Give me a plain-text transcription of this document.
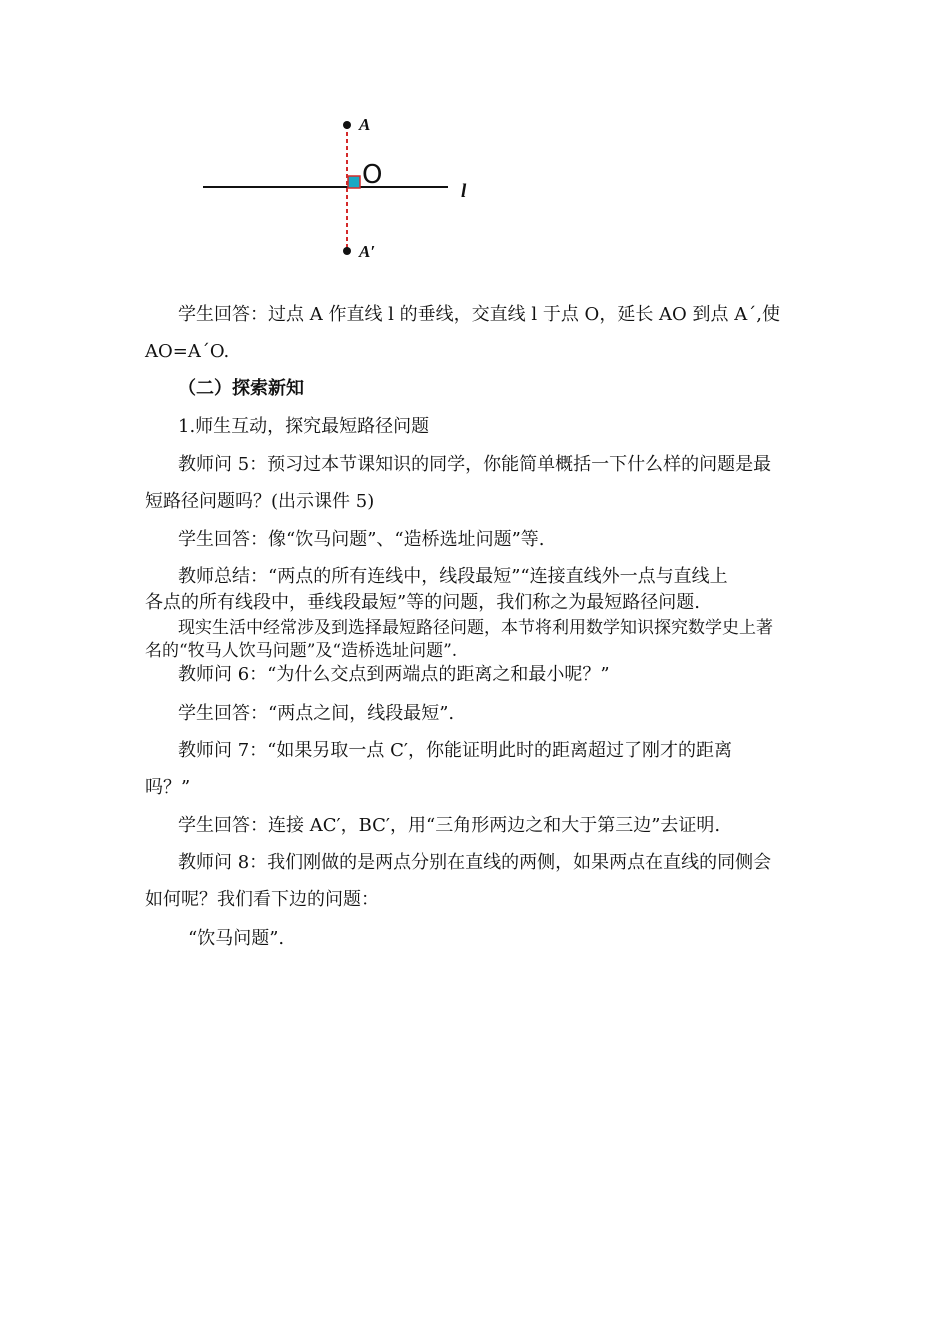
A
O
l
A′
学生回答：过点 A 作直线 l 的垂线，交直线 l 于点 O，延长 AO 到点 A´,使
AO=A´O.
（二）探索新知
1.师生互动，探究最短路径问题
教师问 5：预习过本节课知识的同学，你能简单概括一下什么样的问题是最
短路径问题吗？(出示课件 5)
学生回答：像“饮马问题”、“造桥选址问题”等.
教师总结：“两点的所有连线中，线段最短”“连接直线外一点与直线上
各点的所有线段中，垂线段最短”等的问题，我们称之为最短路径问题.
现实生活中经常涉及到选择最短路径问题，本节将利用数学知识探究数学史上著
名的“牧马人饮马问题”及“造桥选址问题”.
教师问 6：“为什么交点到两端点的距离之和最小呢？”
学生回答：“两点之间，线段最短”.
教师问 7：“如果另取一点 C′，你能证明此时的距离超过了刚才的距离
吗？”
学生回答：连接 AC′，BC′，用“三角形两边之和大于第三边”去证明.
教师问 8：我们刚做的是两点分别在直线的两侧，如果两点在直线的同侧会
如何呢？我们看下边的问题：
“饮马问题”.
